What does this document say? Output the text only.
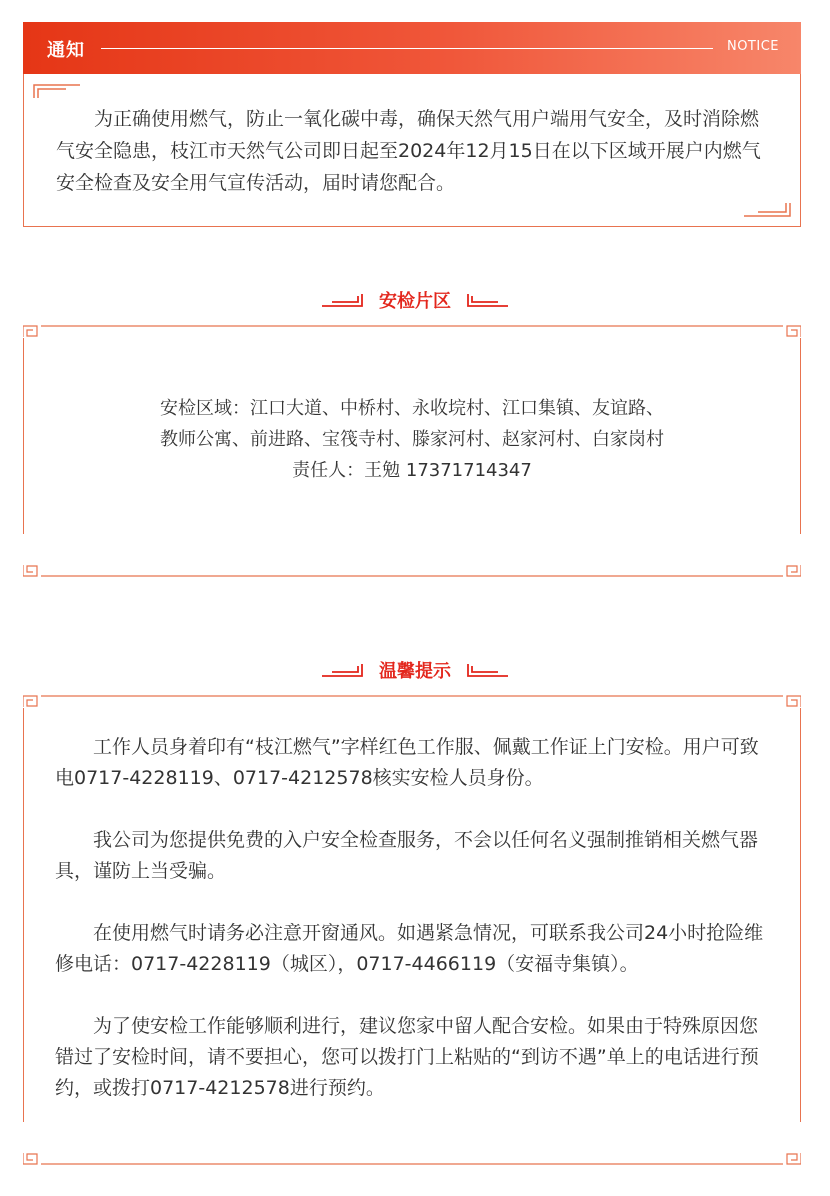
通知	NOTICE
为正确使用燃气，防止一氧化碳中毒，确保天然气用户端用气安全，及时消除燃气安全隐患，枝江市天然气公司即日起至2024年12月15日在以下区域开展户内燃气安全检查及安全用气宣传活动，届时请您配合。
安检片区
安检区域：江口大道、中桥村、永收垸村、江口集镇、友谊路、
教师公寓、前进路、宝筏寺村、滕家河村、赵家河村、白家岗村
责任人：王勉 17371714347
温馨提示

工作人员身着印有“枝江燃气”字样红色工作服、佩戴工作证上门安检。用户可致电0717-4228119、0717-4212578核实安检人员身份。

我公司为您提供免费的入户安全检查服务，不会以任何名义强制推销相关燃气器具，谨防上当受骗。

在使用燃气时请务必注意开窗通风。如遇紧急情况，可联系我公司24小时抢险维修电话：0717-4228119（城区），0717-4466119（安福寺集镇）。

为了使安检工作能够顺利进行，建议您家中留人配合安检。如果由于特殊原因您错过了安检时间，请不要担心，您可以拨打门上粘贴的“到访不遇”单上的电话进行预约，或拨打0717-4212578进行预约。
